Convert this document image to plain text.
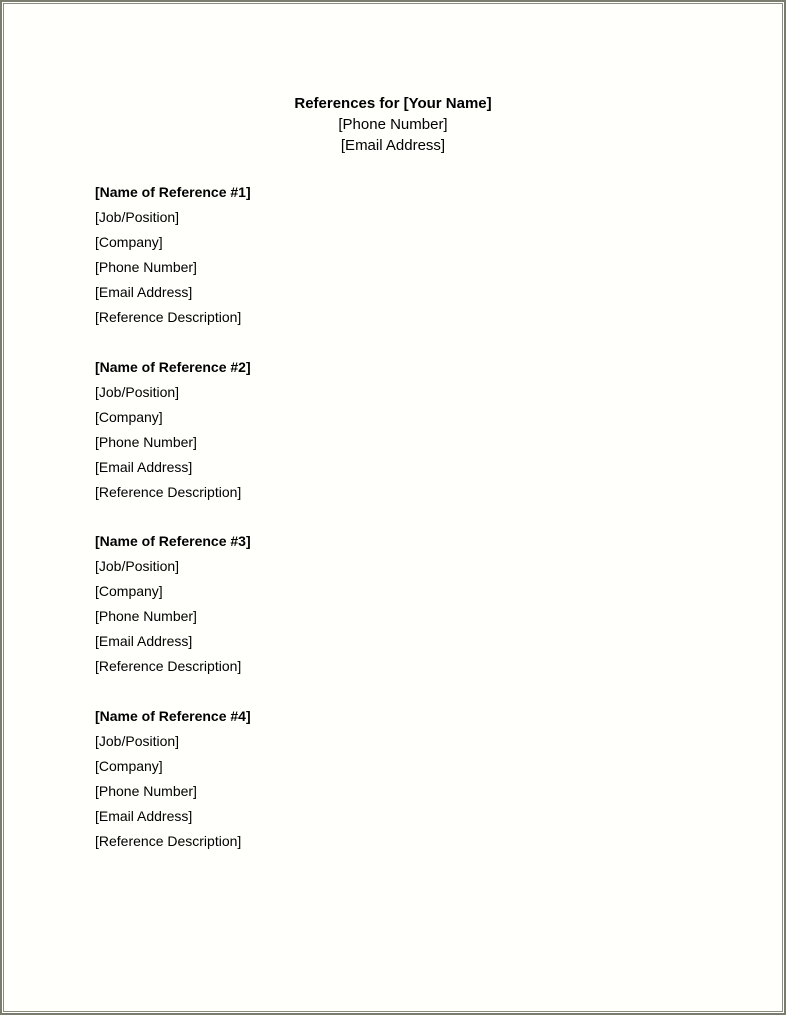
References for [Your Name]
[Phone Number]
[Email Address]
[Name of Reference #1]
[Job/Position]
[Company]
[Phone Number]
[Email Address]
[Reference Description]
[Name of Reference #2]
[Job/Position]
[Company]
[Phone Number]
[Email Address]
[Reference Description]
[Name of Reference #3]
[Job/Position]
[Company]
[Phone Number]
[Email Address]
[Reference Description]
[Name of Reference #4]
[Job/Position]
[Company]
[Phone Number]
[Email Address]
[Reference Description]
